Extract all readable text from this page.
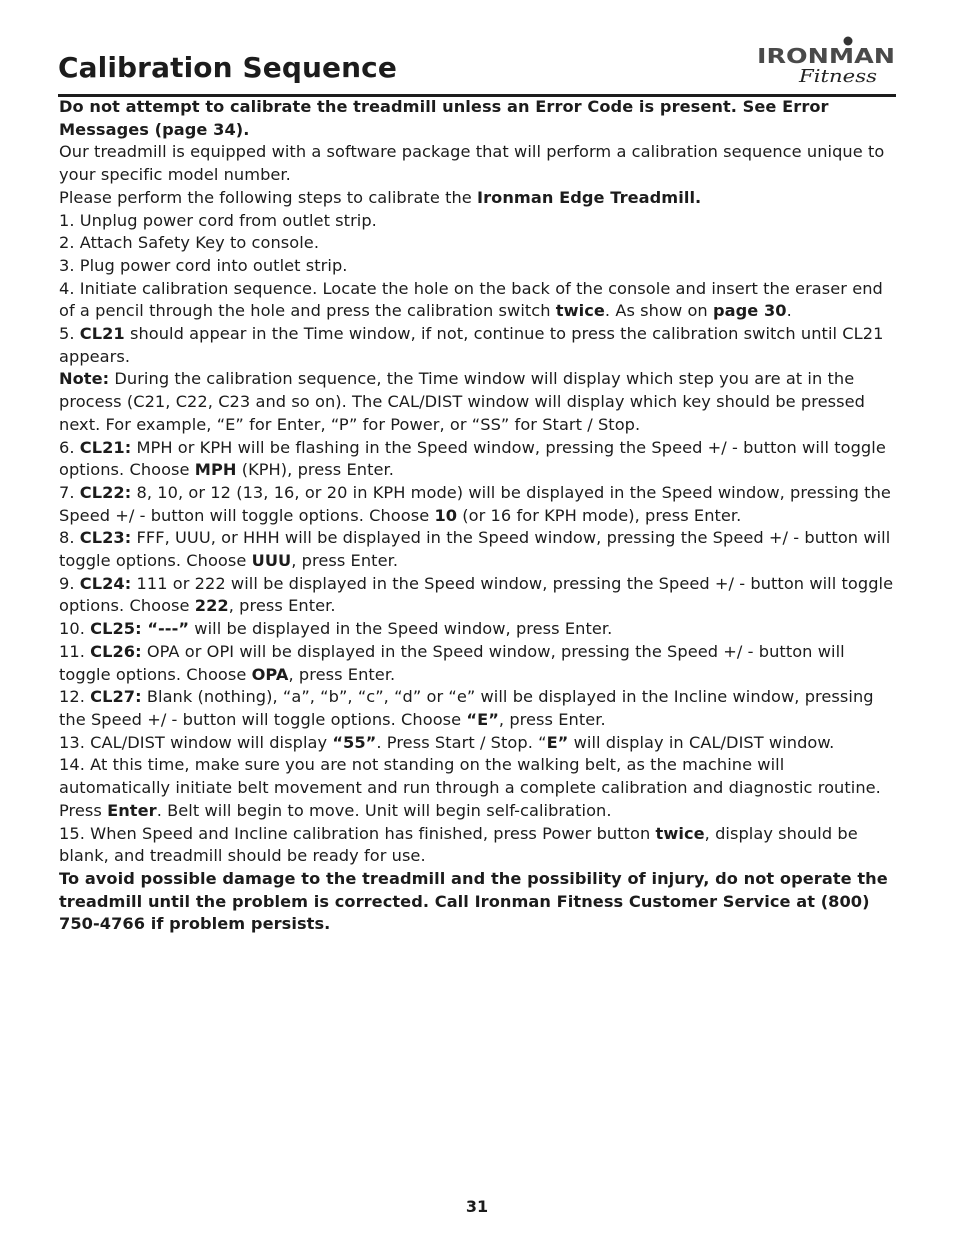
Calibration Sequence	IRONMAN
Fitness

Do not attempt to calibrate the treadmill unless an Error Code is present. See Error Messages (page 34).

Our treadmill is equipped with a software package that will perform a calibration sequence unique to your specific model number.

Please perform the following steps to calibrate the Ironman Edge Treadmill.

1. Unplug power cord from outlet strip.

2. Attach Safety Key to console.

3. Plug power cord into outlet strip.

4. Initiate calibration sequence. Locate the hole on the back of the console and insert the eraser end of a pencil through the hole and press the calibration switch twice. As show on page 30.

5. CL21 should appear in the Time window, if not, continue to press the calibration switch until CL21 appears.

Note: During the calibration sequence, the Time window will display which step you are at in the process (C21, C22, C23 and so on). The CAL/DIST window will display which key should be pressed next. For example, “E” for Enter, “P” for Power, or “SS” for Start / Stop.

6. CL21: MPH or KPH will be flashing in the Speed window, pressing the Speed +/ - button will toggle options. Choose MPH (KPH), press Enter.

7. CL22: 8, 10, or 12 (13, 16, or 20 in KPH mode) will be displayed in the Speed window, pressing the Speed +/ - button will toggle options. Choose 10 (or 16 for KPH mode), press Enter.

8. CL23: FFF, UUU, or HHH will be displayed in the Speed window, pressing the Speed +/ - button will toggle options. Choose UUU, press Enter.

9. CL24: 111 or 222 will be displayed in the Speed window, pressing the Speed +/ - button will toggle options. Choose 222, press Enter.

10. CL25: “---” will be displayed in the Speed window, press Enter.

11. CL26: OPA or OPI will be displayed in the Speed window, pressing the Speed +/ - button will toggle options. Choose OPA, press Enter.

12. CL27: Blank (nothing), “a”, “b”, “c”, “d” or “e” will be displayed in the Incline window, pressing the Speed +/ - button will toggle options. Choose “E”, press Enter.

13. CAL/DIST window will display “55”. Press Start / Stop. “E” will display in CAL/DIST window.

14. At this time, make sure you are not standing on the walking belt, as the machine will automatically initiate belt movement and run through a complete calibration and diagnostic routine. Press Enter. Belt will begin to move. Unit will begin self-calibration.

15. When Speed and Incline calibration has finished, press Power button twice, display should be blank, and treadmill should be ready for use.

To avoid possible damage to the treadmill and the possibility of injury, do not operate the treadmill until the problem is corrected. Call Ironman Fitness Customer Service at (800) 750-4766 if problem persists.

31
